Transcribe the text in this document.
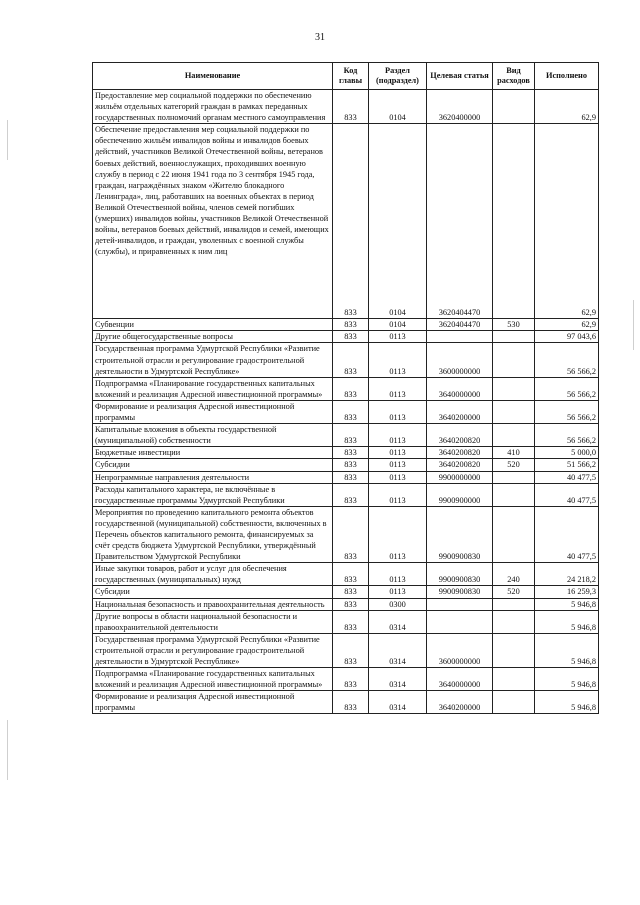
31
Наименование	Код главы	Раздел (подраздел)	Целевая статья	Вид расходов	Исполнено
Предоставление мер социальной поддержки по обеспечению жильём отдельных категорий граждан в рамках переданных государственных полномочий органам местного самоуправления	833	0104	3620400000		62,9
Обеспечение предоставления мер социальной поддержки по обеспечению жильём инвалидов войны и инвалидов боевых действий, участников Великой Отечественной войны, ветеранов боевых действий, военнослужащих, проходивших военную службу в период с 22 июня 1941 года по 3 сентября 1945 года, граждан, награждённых знаком «Жителю блокадного Ленинграда», лиц, работавших на военных объектах в период Великой Отечественной войны, членов семей погибших (умерших) инвалидов войны, участников Великой Отечественной войны, ветеранов боевых действий, инвалидов и семей, имеющих детей-инвалидов, и граждан, уволенных с военной службы (службы), и приравненных к ним лиц	833	0104	3620404470		62,9
Субвенции	833	0104	3620404470	530	62,9
Другие общегосударственные вопросы	833	0113			97 043,6
Государственная программа Удмуртской Республики «Развитие строительной отрасли и регулирование градостроительной деятельности в Удмуртской Республике»	833	0113	3600000000		56 566,2
Подпрограмма «Планирование государственных капитальных вложений и реализация Адресной инвестиционной программы»	833	0113	3640000000		56 566,2
Формирование и реализация Адресной инвестиционной программы	833	0113	3640200000		56 566,2
Капитальные вложения в объекты государственной (муниципальной) собственности	833	0113	3640200820		56 566,2
Бюджетные инвестиции	833	0113	3640200820	410	5 000,0
Субсидии	833	0113	3640200820	520	51 566,2
Непрограммные направления деятельности	833	0113	9900000000		40 477,5
Расходы капитального характера, не включённые в государственные программы Удмуртской Республики	833	0113	9900900000		40 477,5
Мероприятия по проведению капитального ремонта объектов государственной (муниципальной) собственности, включенных в Перечень объектов капитального ремонта, финансируемых за счёт средств бюджета Удмуртской Республики, утверждённый Правительством Удмуртской Республики	833	0113	9900900830		40 477,5
Иные закупки товаров, работ и услуг для обеспечения государственных (муниципальных) нужд	833	0113	9900900830	240	24 218,2
Субсидии	833	0113	9900900830	520	16 259,3
Национальная безопасность и правоохранительная деятельность	833	0300			5 946,8
Другие вопросы в области национальной безопасности и правоохранительной деятельности	833	0314			5 946,8
Государственная программа Удмуртской Республики «Развитие строительной отрасли и регулирование градостроительной деятельности в Удмуртской Республике»	833	0314	3600000000		5 946,8
Подпрограмма «Планирование государственных капитальных вложений и реализация Адресной инвестиционной программы»	833	0314	3640000000		5 946,8
Формирование и реализация Адресной инвестиционной программы	833	0314	3640200000		5 946,8
